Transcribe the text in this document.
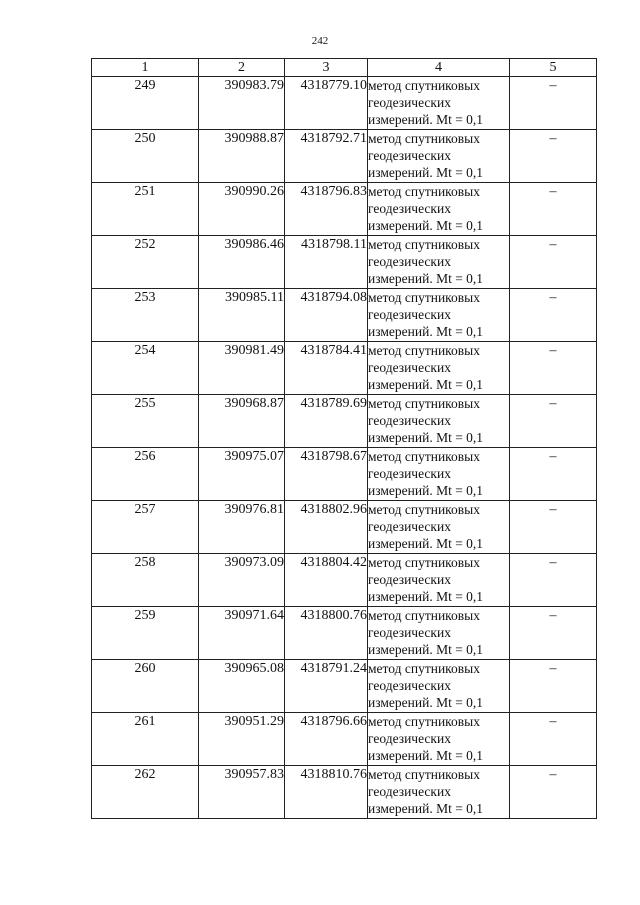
242
1	2	3	4	5
249	390983.79	4318779.10	метод спутниковых геодезических измерений. Mt = 0,1	–
250	390988.87	4318792.71	метод спутниковых геодезических измерений. Mt = 0,1	–
251	390990.26	4318796.83	метод спутниковых геодезических измерений. Mt = 0,1	–
252	390986.46	4318798.11	метод спутниковых геодезических измерений. Mt = 0,1	–
253	390985.11	4318794.08	метод спутниковых геодезических измерений. Mt = 0,1	–
254	390981.49	4318784.41	метод спутниковых геодезических измерений. Mt = 0,1	–
255	390968.87	4318789.69	метод спутниковых геодезических измерений. Mt = 0,1	–
256	390975.07	4318798.67	метод спутниковых геодезических измерений. Mt = 0,1	–
257	390976.81	4318802.96	метод спутниковых геодезических измерений. Mt = 0,1	–
258	390973.09	4318804.42	метод спутниковых геодезических измерений. Mt = 0,1	–
259	390971.64	4318800.76	метод спутниковых геодезических измерений. Mt = 0,1	–
260	390965.08	4318791.24	метод спутниковых геодезических измерений. Mt = 0,1	–
261	390951.29	4318796.66	метод спутниковых геодезических измерений. Mt = 0,1	–
262	390957.83	4318810.76	метод спутниковых геодезических измерений. Mt = 0,1	–
